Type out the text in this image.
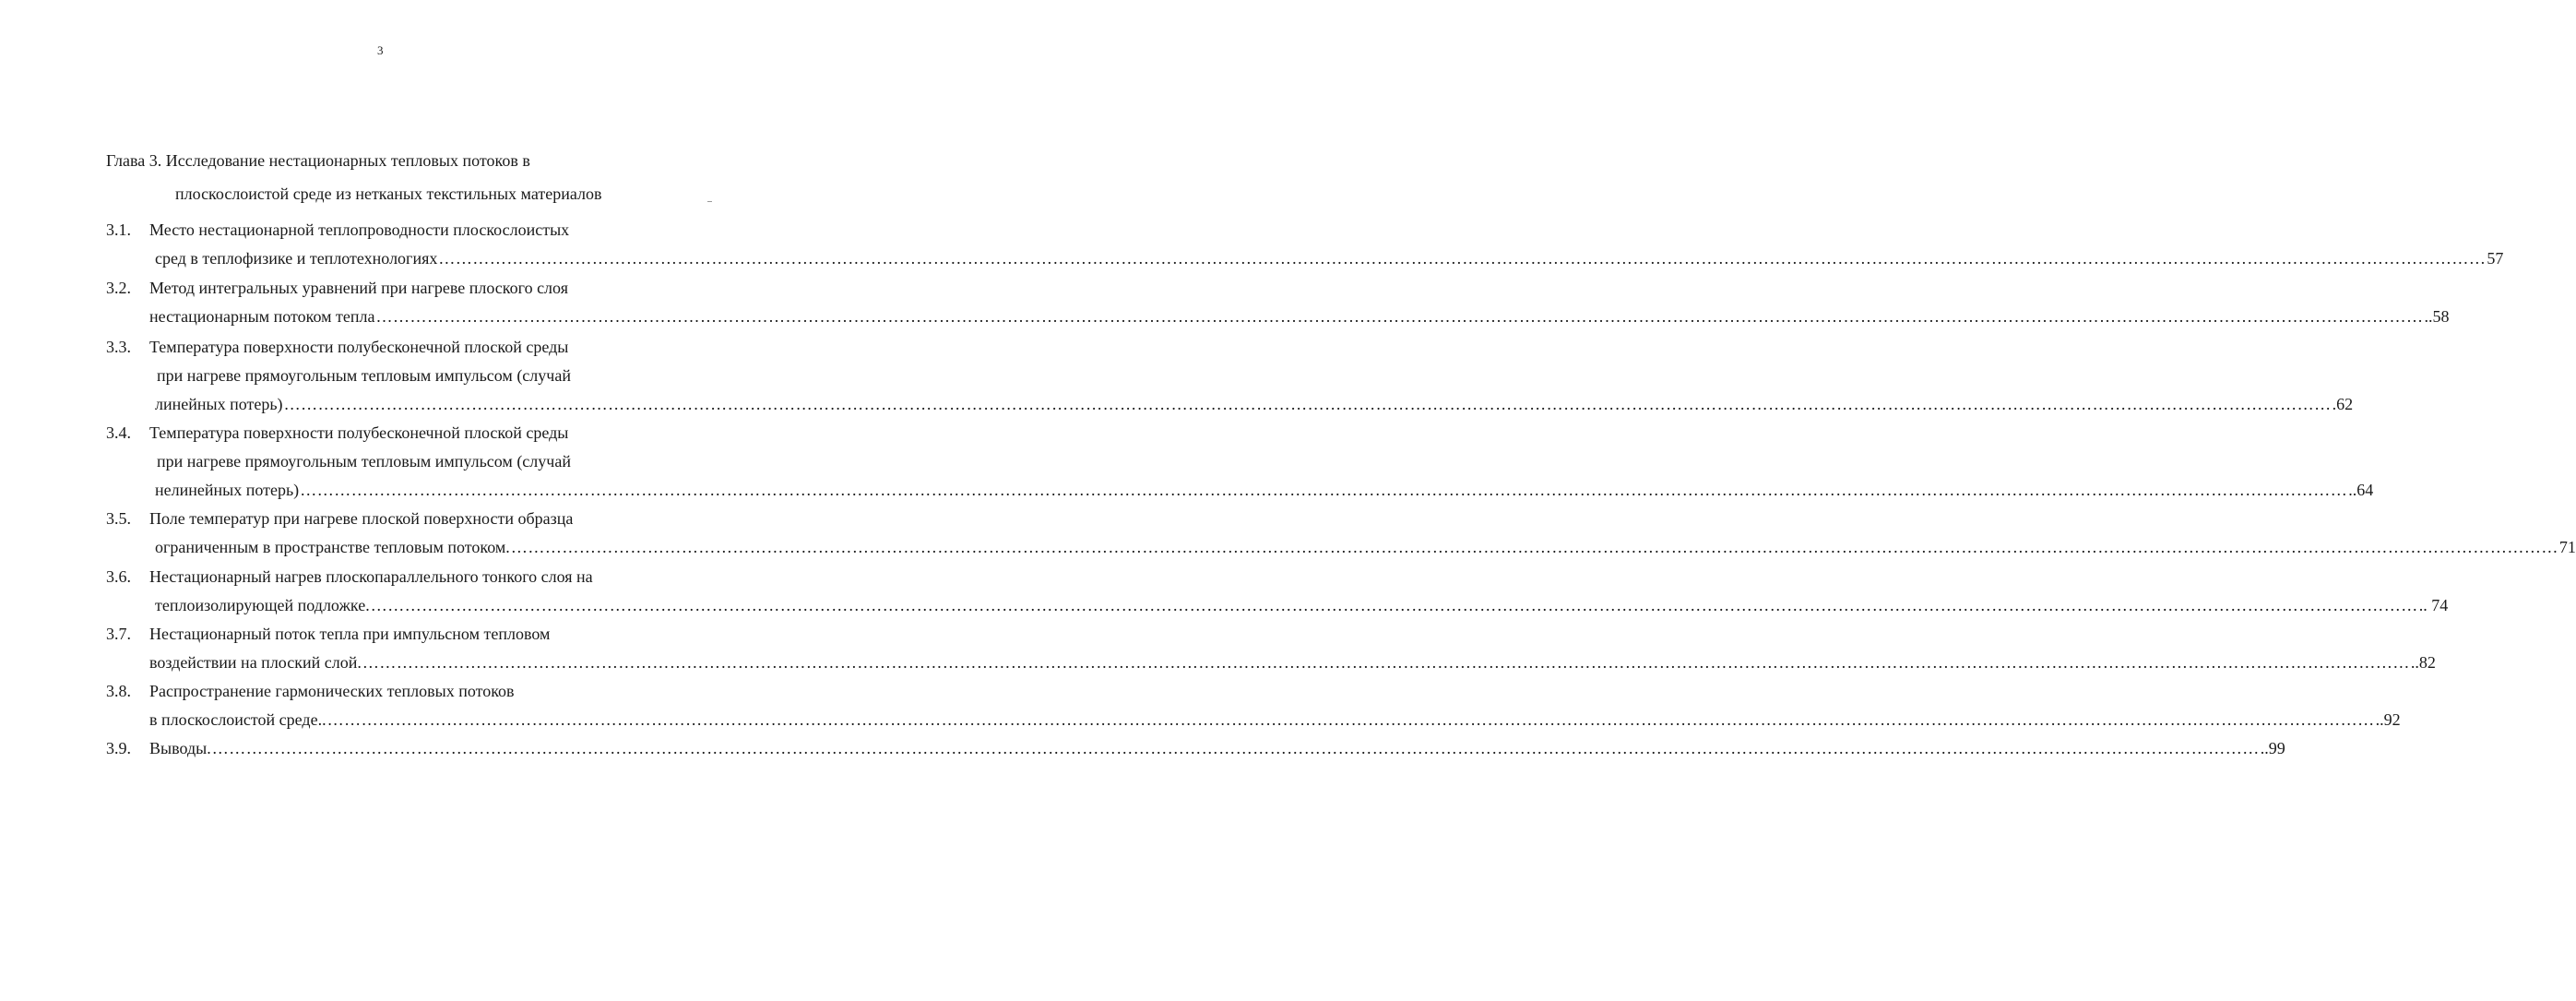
3
Глава 3. Исследование нестационарных тепловых потоков в
плоскослоистой среде из нетканых текстильных материалов
3.1. Место нестационарной теплопроводности плоскослоистых
сред в теплофизике и теплотехнологиях ……………………………………………………………………………………………………………………………………………………………………………………………………………………………………………………………………………………………………………………………… 57
3.2. Метод интегральных уравнений при нагреве плоского слоя
нестационарным потоком тепла ……………………………………………………………………………………………………………………………………………………………………………………………………………………………………………………………………………………………………………………………… ..58
3.3. Температура поверхности полубесконечной плоской среды
при нагреве прямоугольным тепловым импульсом (случай
линейных потерь) ……………………………………………………………………………………………………………………………………………………………………………………………………………………………………………………………………………………………………………………………… .62
3.4. Температура поверхности полубесконечной плоской среды
при нагреве прямоугольным тепловым импульсом (случай
нелинейных потерь) ……………………………………………………………………………………………………………………………………………………………………………………………………………………………………………………………………………………………………………………………… ..64
3.5. Поле температур при нагреве плоской поверхности образца
ограниченным в пространстве тепловым потоком. ……………………………………………………………………………………………………………………………………………………………………………………………………………………………………………………………………………………………………………………………… 71
3.6. Нестационарный нагрев плоскопараллельного тонкого слоя на
теплоизолирующей подложке. ……………………………………………………………………………………………………………………………………………………………………………………………………………………………………………………………………………………………………………………………… .. 74
3.7. Нестационарный поток тепла при импульсном тепловом
воздействии на плоский слой. ……………………………………………………………………………………………………………………………………………………………………………………………………………………………………………………………………………………………………………………………… ..82
3.8. Распространение гармонических тепловых потоков
в плоскослоистой среде.. ……………………………………………………………………………………………………………………………………………………………………………………………………………………………………………………………………………………………………………………………… ..92
3.9. Выводы. ……………………………………………………………………………………………………………………………………………………………………………………………………………………………………………………………………………………………………………………………… ..99
